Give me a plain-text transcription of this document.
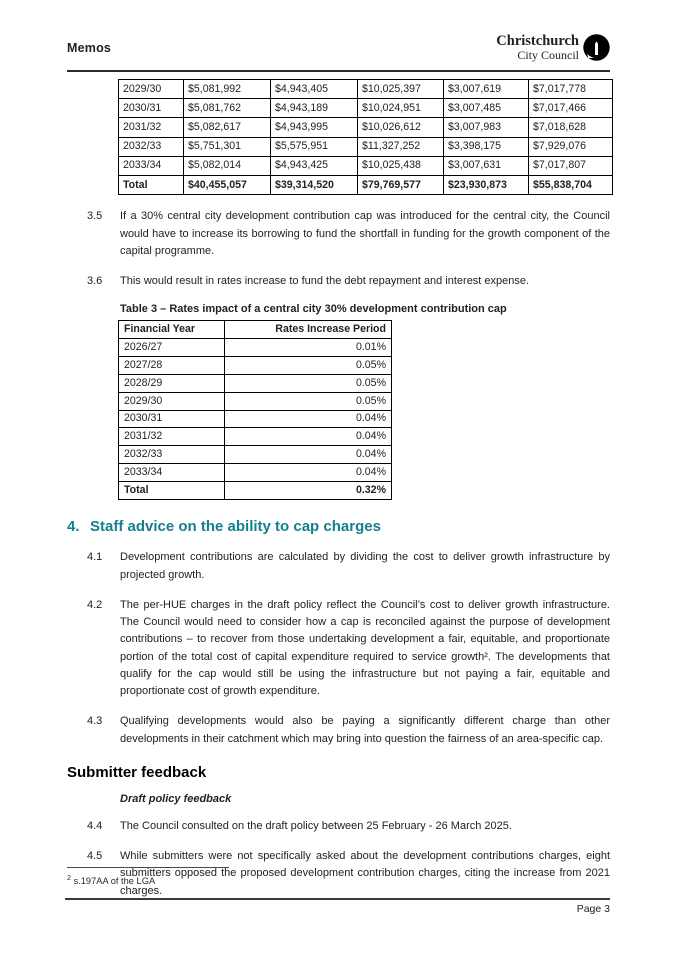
Memos	Christchurch
City Council
2029/30	$5,081,992	$4,943,405	$10,025,397	$3,007,619	$7,017,778
2030/31	$5,081,762	$4,943,189	$10,024,951	$3,007,485	$7,017,466
2031/32	$5,082,617	$4,943,995	$10,026,612	$3,007,983	$7,018,628
2032/33	$5,751,301	$5,575,951	$11,327,252	$3,398,175	$7,929,076
2033/34	$5,082,014	$4,943,425	$10,025,438	$3,007,631	$7,017,807
Total	$40,455,057	$39,314,520	$79,769,577	$23,930,873	$55,838,704
3.5	If a 30% central city development contribution cap was introduced for the central city, the Council would have to increase its borrowing to fund the shortfall in funding for the growth component of the capital programme.
3.6	This would result in rates increase to fund the debt repayment and interest expense.
Table 3 – Rates impact of a central city 30% development contribution cap
Financial Year	Rates Increase Period
2026/27	0.01%
2027/28	0.05%
2028/29	0.05%
2029/30	0.05%
2030/31	0.04%
2031/32	0.04%
2032/33	0.04%
2033/34	0.04%
Total	0.32%
4. Staff advice on the ability to cap charges
4.1	Development contributions are calculated by dividing the cost to deliver growth infrastructure by projected growth.
4.2	The per-HUE charges in the draft policy reflect the Council’s cost to deliver growth infrastructure. The Council would need to consider how a cap is reconciled against the purpose of development contributions – to recover from those undertaking development a fair, equitable, and proportionate portion of the total cost of capital expenditure required to service growth². The developments that qualify for the cap would still be using the infrastructure but not paying a fair, equitable and proportionate cost of growth expenditure.
4.3	Qualifying developments would also be paying a significantly different charge than other developments in their catchment which may bring into question the fairness of an area-specific cap.
Submitter feedback
Draft policy feedback
4.4	The Council consulted on the draft policy between 25 February - 26 March 2025.
4.5	While submitters were not specifically asked about the development contributions charges, eight submitters opposed the proposed development contribution charges, citing the increase from 2021 charges.
$^2$ s.197AA of the LGA
Page 3
